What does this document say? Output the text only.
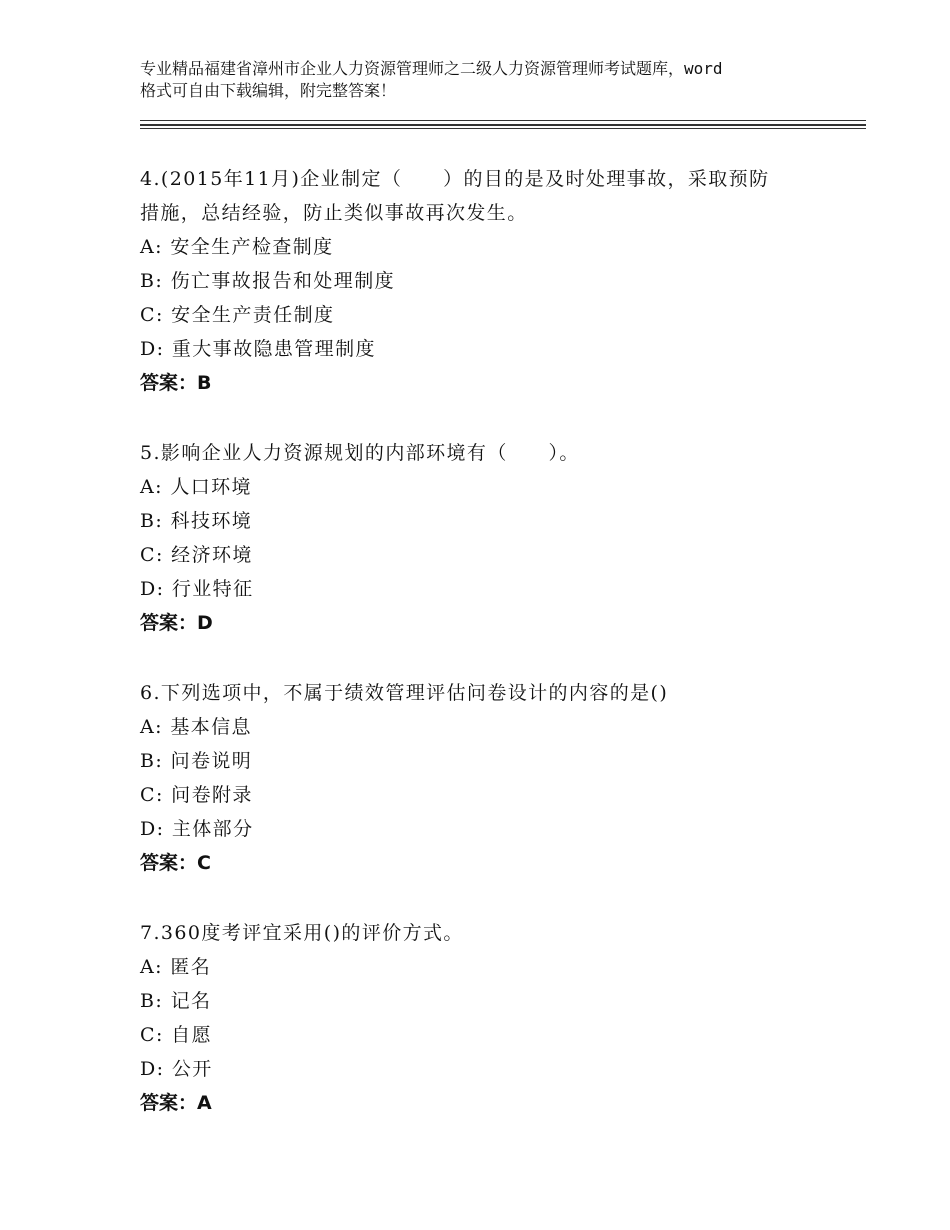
专业精品福建省漳州市企业人力资源管理师之二级人力资源管理师考试题库，word
格式可自由下载编辑，附完整答案！
4.(2015年11月)企业制定（　　）的目的是及时处理事故，采取预防
措施，总结经验，防止类似事故再次发生。
A: 安全生产检查制度
B: 伤亡事故报告和处理制度
C: 安全生产责任制度
D: 重大事故隐患管理制度
答案：B
5.影响企业人力资源规划的内部环境有（　　）。
A: 人口环境
B: 科技环境
C: 经济环境
D: 行业特征
答案：D
6.下列选项中，不属于绩效管理评估问卷设计的内容的是()
A: 基本信息
B: 问卷说明
C: 问卷附录
D: 主体部分
答案：C
7.360度考评宜采用()的评价方式。
A: 匿名
B: 记名
C: 自愿
D: 公开
答案：A
